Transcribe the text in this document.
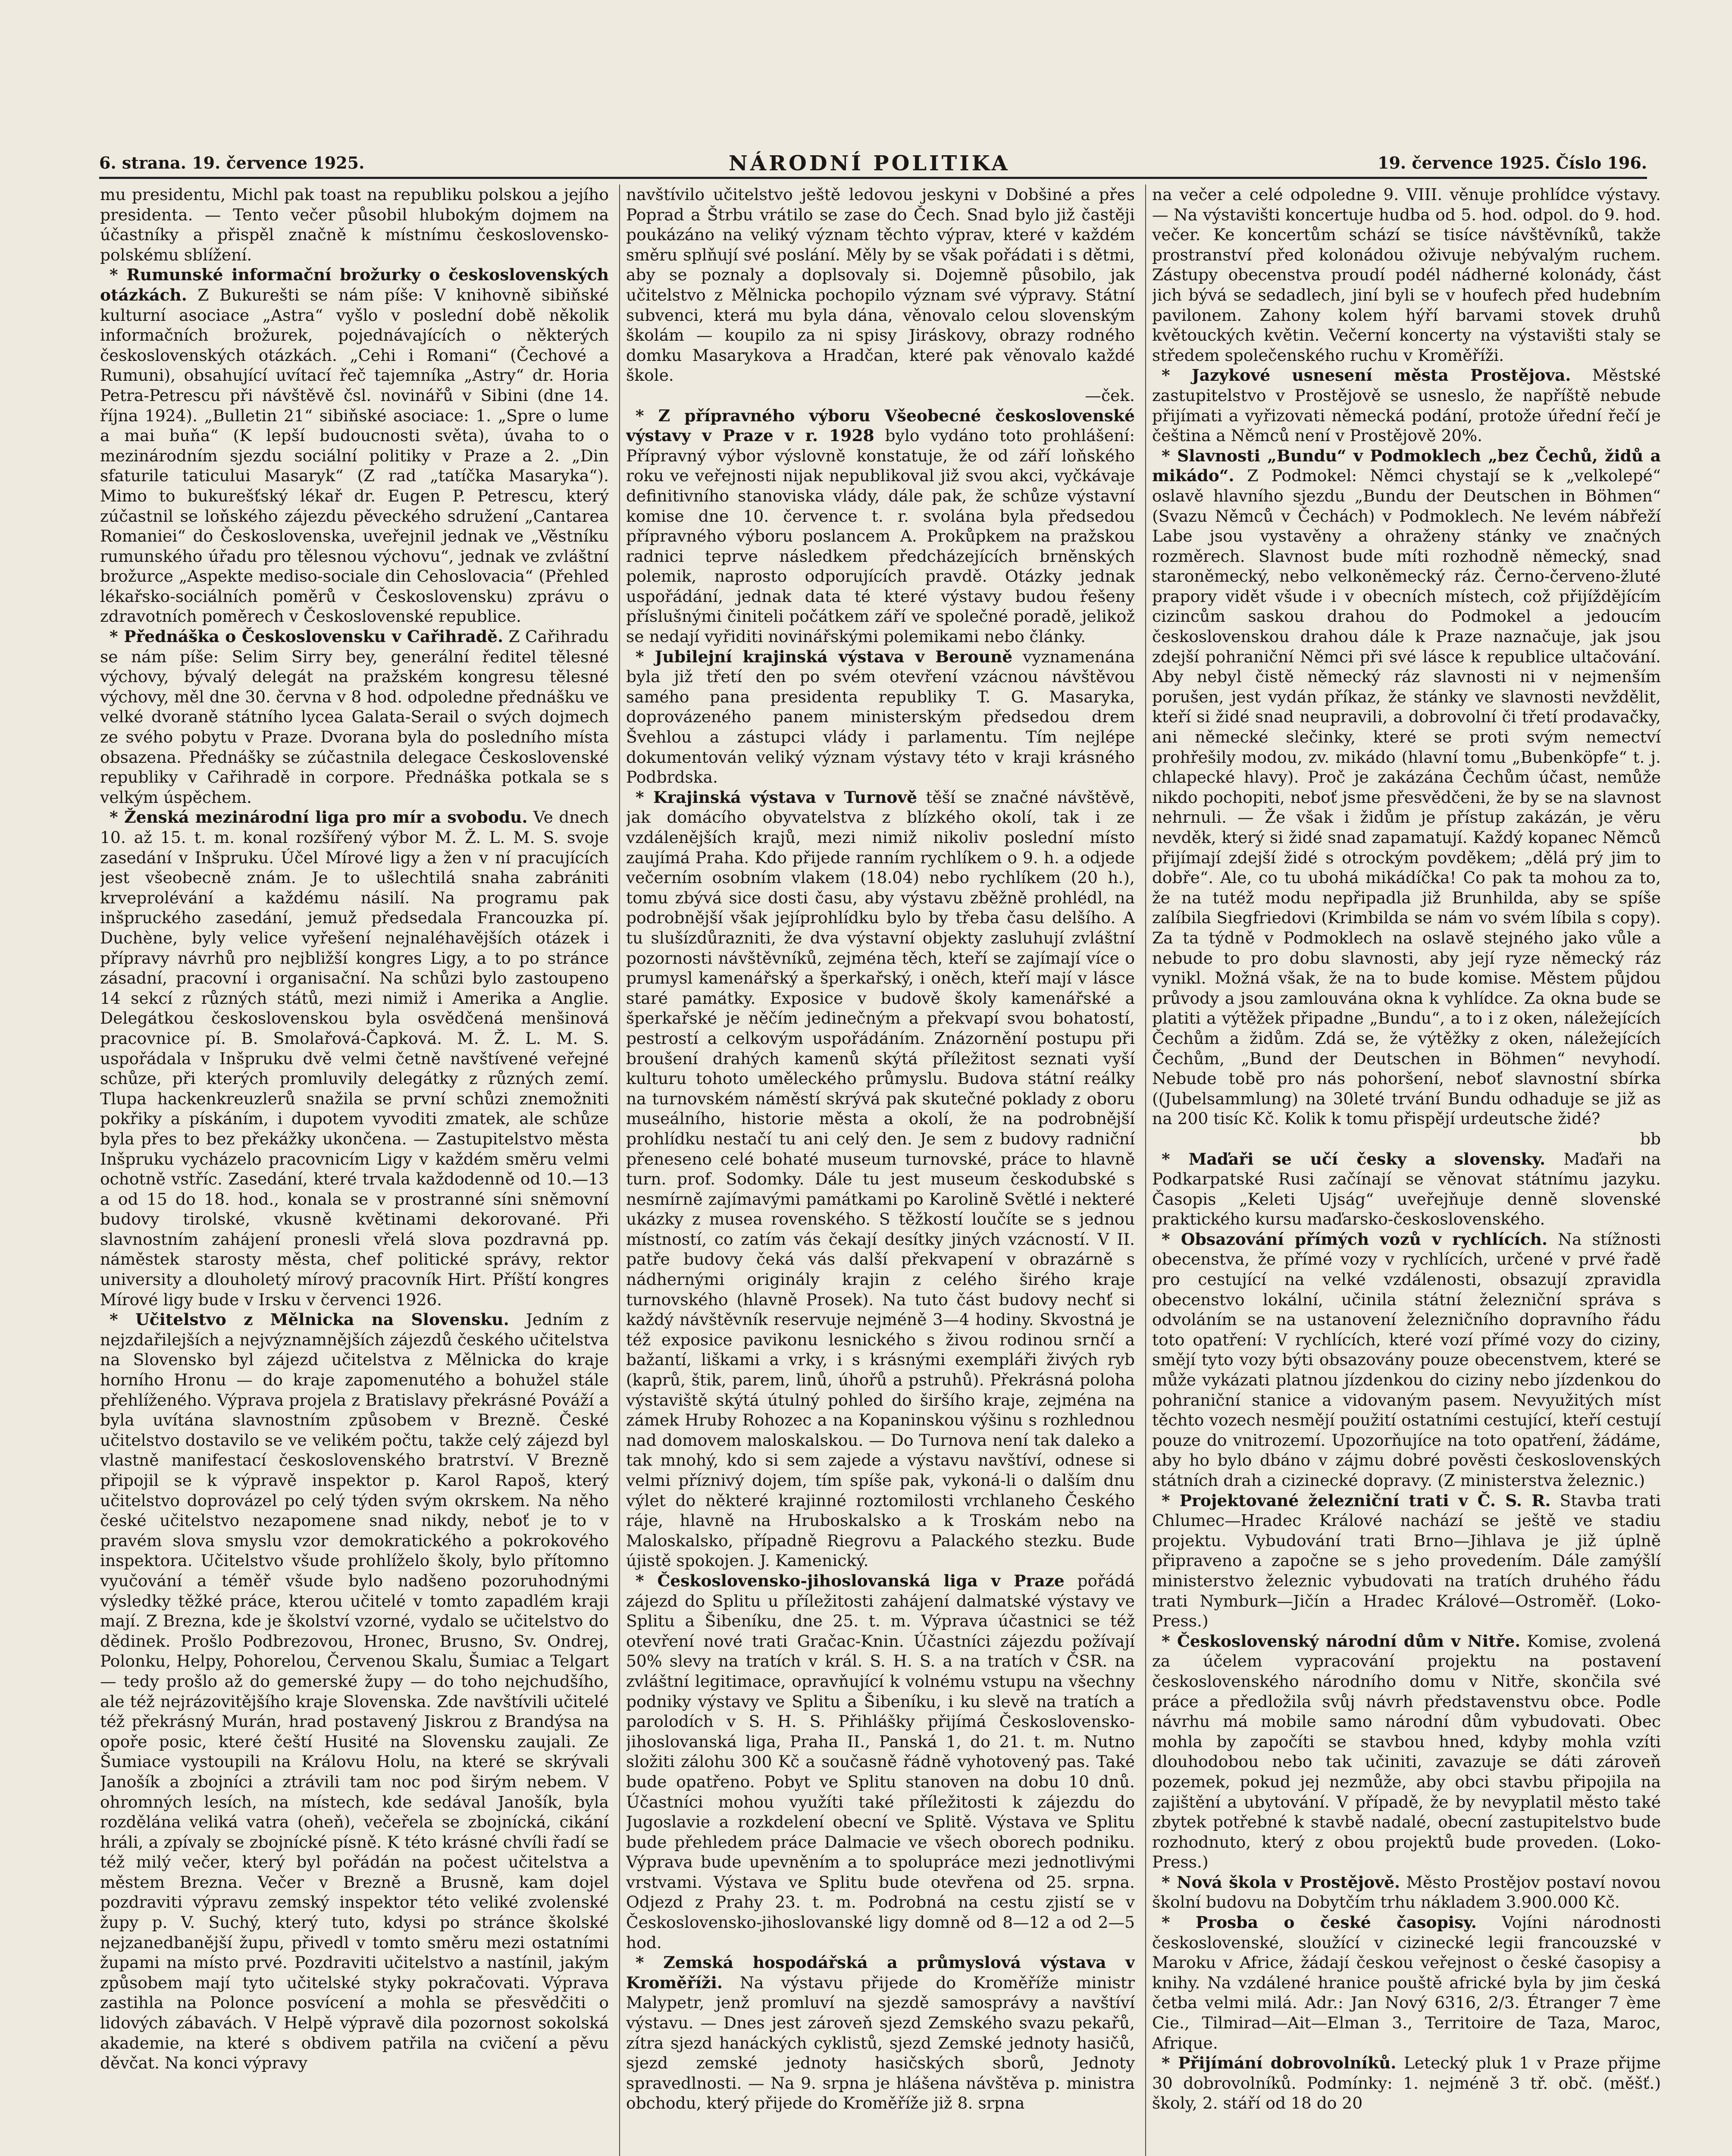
6. strana. 19. července 1925.	NÁRODNÍ POLITIKA	19. července 1925. Číslo 196.

mu presidentu, Michl pak toast na republiku polskou a jejího presidenta. — Tento večer působil hlubokým dojmem na účastníky a přispěl značně k místnímu československo-polskému sblížení.

* Rumunské informační brožurky o československých otázkách. Z Bukurešti se nám píše: V knihovně sibiňské kulturní asociace „Astra“ vyšlo v poslední době několik informačních brožurek, pojednávajících o některých československých otázkách. „Cehi i Romani“ (Čechové a Rumuni), obsahující uvítací řeč tajemníka „Astry“ dr. Horia Petra-Petrescu při návštěvě čsl. novinářů v Sibini (dne 14. října 1924). „Bulletin 21“ sibiňské asociace: 1. „Spre o lume a mai buňa“ (K lepší budoucnosti světa), úvaha to o mezinárodním sjezdu sociální politiky v Praze a 2. „Din sfaturile taticului Masaryk“ (Z rad „tatíčka Masaryka“). Mimo to bukurešťský lékař dr. Eugen P. Petrescu, který zúčastnil se loňského zájezdu pěveckého sdružení „Cantarea Romaniei“ do Československa, uveřejnil jednak ve „Věstníku rumunského úřadu pro tělesnou výchovu“, jednak ve zvláštní brožurce „Aspekte mediso-sociale din Cehoslovacia“ (Přehled lékařsko-sociálních poměrů v Československu) zprávu o zdravotních poměrech v Československé republice.

* Přednáška o Československu v Cařihradě. Z Cařihradu se nám píše: Selim Sirry bey, generální ředitel tělesné výchovy, bývalý delegát na pražském kongresu tělesné výchovy, měl dne 30. června v 8 hod. odpoledne přednášku ve velké dvoraně státního lycea Galata-Serail o svých dojmech ze svého pobytu v Praze. Dvorana byla do posledního místa obsazena. Přednášky se zúčastnila delegace Československé republiky v Cařihradě in corpore. Přednáška potkala se s velkým úspěchem.

* Ženská mezinárodní liga pro mír a svobodu. Ve dnech 10. až 15. t. m. konal rozšířený výbor M. Ž. L. M. S. svoje zasedání v Inšpruku. Účel Mírové ligy a žen v ní pracujících jest všeobecně znám. Je to ušlechtilá snaha zabrániti krveprolévání a každému násilí. Na programu pak inšpruckého zasedání, jemuž předsedala Francouzka pí. Duchène, byly velice vyřešení nejnaléhavějších otázek i přípravy návrhů pro nejbližší kongres Ligy, a to po stránce zásadní, pracovní i organisační. Na schůzi bylo zastoupeno 14 sekcí z různých států, mezi nimiž i Amerika a Anglie. Delegátkou československou byla osvědčená menšinová pracovnice pí. B. Smolařová-Čapková. M. Ž. L. M. S. uspořádala v Inšpruku dvě velmi četně navštívené veřejné schůze, při kterých promluvily delegátky z různých zemí. Tlupa hackenkreuzlerů snažila se první schůzi znemožniti pokřiky a pískáním, i dupotem vyvoditi zmatek, ale schůze byla přes to bez překážky ukončena. — Zastupitelstvo města Inšpruku vycházelo pracovnicím Ligy v každém směru velmi ochotně vstříc. Zasedání, které trvala každodenně od 10.—13 a od 15 do 18. hod., konala se v prostranné síni sněmovní budovy tirolské, vkusně květinami dekorované. Při slavnostním zahájení pronesli vřelá slova pozdravná pp. náměstek starosty města, chef politické správy, rektor university a dlouholetý mírový pracovník Hirt. Příští kongres Mírové ligy bude v Irsku v červenci 1926.

* Učitelstvo z Mělnicka na Slovensku. Jedním z nejzdařilejších a nejvýznamnějších zájezdů českého učitelstva na Slovensko byl zájezd učitelstva z Mělnicka do kraje horního Hronu — do kraje zapomenutého a bohužel stále přehlíženého. Výprava projela z Bratislavy překrásné Pováží a byla uvítána slavnostním způsobem v Brezně. České učitelstvo dostavilo se ve velikém počtu, takže celý zájezd byl vlastně manifestací československého bratrství. V Brezně připojil se k výpravě inspektor p. Karol Rapoš, který učitelstvo doprovázel po celý týden svým okrskem. Na něho české učitelstvo nezapomene snad nikdy, neboť je to v pravém slova smyslu vzor demokratického a pokrokového inspektora. Učitelstvo všude prohlíželo školy, bylo přítomno vyučování a téměř všude bylo nadšeno pozoruhodnými výsledky těžké práce, kterou učitelé v tomto zapadlém kraji mají. Z Brezna, kde je školství vzorné, vydalo se učitelstvo do dědinek. Prošlo Podbrezovou, Hronec, Brusno, Sv. Ondrej, Polonku, Helpy, Pohorelou, Červenou Skalu, Šumiac a Telgart — tedy prošlo až do gemerské župy — do toho nejchudšího, ale též nejrázovitějšího kraje Slovenska. Zde navštívili učitelé též překrásný Murán, hrad postavený Jiskrou z Brandýsa na opoře posic, které čeští Husité na Slovensku zaujali. Ze Šumiace vystoupili na Královu Holu, na které se skrývali Janošík a zbojníci a ztrávili tam noc pod širým nebem. V ohromných lesích, na místech, kde sedával Janošík, byla rozdělána veliká vatra (oheň), večeřela se zbojnícká, cikání hráli, a zpívaly se zbojnícké písně. K této krásné chvíli řadí se též milý večer, který byl pořádán na počest učitelstva a městem Brezna. Večer v Brezně a Brusně, kam dojel pozdraviti výpravu zemský inspektor této veliké zvolenské župy p. V. Suchý, který tuto, kdysi po stránce školské nejzanedbanější župu, přivedl v tomto směru mezi ostatními župami na místo prvé. Pozdraviti učitelstvo a nastínil, jakým způsobem mají tyto učitelské styky pokračovati. Výprava zastihla na Polonce posvícení a mohla se přesvědčiti o lidových zábavách. V Helpě výpravě dila pozornost sokolská akademie, na které s obdivem patřila na cvičení a pěvu děvčat. Na konci výpravy

navštívilo učitelstvo ještě ledovou jeskyni v Dobšiné a přes Poprad a Štrbu vrátilo se zase do Čech. Snad bylo již častěji poukázáno na veliký význam těchto výprav, které v každém směru splňují své poslání. Měly by se však pořádati i s dětmi, aby se poznaly a doplsovaly si. Dojemně působilo, jak učitelstvo z Mělnicka pochopilo význam své výpravy. Státní subvenci, která mu byla dána, věnovalo celou slovenským školám — koupilo za ni spisy Jiráskovy, obrazy rodného domku Masarykova a Hradčan, které pak věnovalo každé škole.

—ček.

* Z přípravného výboru Všeobecné československé výstavy v Praze v r. 1928 bylo vydáno toto prohlášení: Přípravný výbor výslovně konstatuje, že od září loňského roku ve veřejnosti nijak nepublikoval již svou akci, vyčkávaje definitivního stanoviska vlády, dále pak, že schůze výstavní komise dne 10. července t. r. svolána byla předsedou přípravného výboru poslancem A. Prokůpkem na pražskou radnici teprve následkem předcházejících brněnských polemik, naprosto odporujících pravdě. Otázky jednak uspořádání, jednak data té které výstavy budou řešeny příslušnými činiteli počátkem září ve společné poradě, jelikož se nedají vyřiditi novinářskými polemikami nebo články.

* Jubilejní krajinská výstava v Berouně vyznamenána byla již třetí den po svém otevření vzácnou návštěvou samého pana presidenta republiky T. G. Masaryka, doprovázeného panem ministerským předsedou drem Švehlou a zástupci vlády i parlamentu. Tím nejlépe dokumentován veliký význam výstavy této v kraji krásného Podbrdska.

* Krajinská výstava v Turnově těší se značné návštěvě, jak domácího obyvatelstva z blízkého okolí, tak i ze vzdálenějších krajů, mezi nimiž nikoliv poslední místo zaujímá Praha. Kdo přijede ranním rychlíkem o 9. h. a odjede večerním osobním vlakem (18.04) nebo rychlíkem (20 h.), tomu zbývá sice dosti času, aby výstavu zběžně prohlédl, na podrobnější však jejíprohlídku bylo by třeba času delšího. A tu slušízdůrazniti, že dva výstavní objekty zasluhují zvláštní pozornosti návštěvníků, zejména těch, kteří se zajímají více o prumysl kamenářský a šperkařský, i oněch, kteří mají v lásce staré památky. Exposice v budově školy kamenářské a šperkařské je něčím jedinečným a překvapí svou bohatostí, pestrostí a celkovým uspořádáním. Znázornění postupu při broušení drahých kamenů skýtá příležitost seznati vyší kulturu tohoto uměleckého průmyslu. Budova státní reálky na turnovském náměstí skrývá pak skutečné poklady z oboru museálního, historie města a okolí, že na podrobnější prohlídku nestačí tu ani celý den. Je sem z budovy radniční přeneseno celé bohaté museum turnovské, práce to hlavně turn. prof. Sodomky. Dále tu jest museum českodubské s nesmírně zajímavými památkami po Karolině Světlé i nekteré ukázky z musea rovenského. S těžkostí loučíte se s jednou místností, co zatím vás čekají desítky jiných vzácností. V II. patře budovy čeká vás další překvapení v obrazárně s nádhernými originály krajin z celého širého kraje turnovského (hlavně Prosek). Na tuto část budovy nechť si každý návštěvník reservuje nejméně 3—4 hodiny. Skvostná je též exposice pavikonu lesnického s živou rodinou srnčí a bažantí, liškami a vrky, i s krásnými exempláři živých ryb (kaprů, štik, parem, linů, úhořů a pstruhů). Překrásná poloha výstaviště skýtá útulný pohled do širšího kraje, zejména na zámek Hruby Rohozec a na Kopaninskou výšinu s rozhlednou nad domovem maloskalskou. — Do Turnova není tak daleko a tak mnohý, kdo si sem zajede a výstavu navštíví, odnese si velmi příznivý dojem, tím spíše pak, vykoná-li o dalším dnu výlet do některé krajinné roztomilosti vrchlaneho Českého ráje, hlavně na Hruboskalsko a k Troskám nebo na Maloskalsko, případně Riegrovu a Palackého stezku. Bude újistě spokojen. J. Kamenický.

* Československo-jihoslovanská liga v Praze pořádá zájezd do Splitu u příležitosti zahájení dalmatské výstavy ve Splitu a Šibeníku, dne 25. t. m. Výprava účastnici se též otevření nové trati Gračac-Knin. Účastníci zájezdu požívají 50% slevy na tratích v král. S. H. S. a na tratích v ČSR. na zvláštní legitimace, opravňující k volnému vstupu na všechny podniky výstavy ve Splitu a Šibeníku, i ku slevě na tratích a parolodích v S. H. S. Přihlášky přijímá Československo-jihoslovanská liga, Praha II., Panská 1, do 21. t. m. Nutno složiti zálohu 300 Kč a současně řádně vyhotovený pas. Také bude opatřeno. Pobyt ve Splitu stanoven na dobu 10 dnů. Účastníci mohou využíti také příležitosti k zájezdu do Jugoslavie a rozkdelení obecní ve Splitě. Výstava ve Splitu bude přehledem práce Dalmacie ve všech oborech podniku. Výprava bude upevněním a to spolupráce mezi jednotlivými vrstvami. Výstava ve Splitu bude otevřena od 25. srpna. Odjezd z Prahy 23. t. m. Podrobná na cestu zjistí se v Československo-jihoslovanské ligy domně od 8—12 a od 2—5 hod.

* Zemská hospodářská a průmyslová výstava v Kroměříži. Na výstavu přijede do Kroměříže ministr Malypetr, jenž promluví na sjezdě samosprávy a navštíví výstavu. — Dnes jest zároveň sjezd Zemského svazu pekařů, zítra sjezd hanáckých cyklistů, sjezd Zemské jednoty hasičů, sjezd zemské jednoty hasičských sborů, Jednoty spravedlnosti. — Na 9. srpna je hlášena návštěva p. ministra obchodu, který přijede do Kroměříže již 8. srpna

na večer a celé odpoledne 9. VIII. věnuje prohlídce výstavy. — Na výstavišti koncertuje hudba od 5. hod. odpol. do 9. hod. večer. Ke koncertům schází se tisíce návštěvníků, takže prostranství před kolonádou oživuje nebývalým ruchem. Zástupy obecenstva proudí podél nádherné kolonády, část jich bývá se sedadlech, jiní byli se v houfech před hudebním pavilonem. Zahony kolem hýří barvami stovek druhů květouckých květin. Večerní koncerty na výstavišti staly se středem společenského ruchu v Kroměříži.

* Jazykové usnesení města Prostějova. Městské zastupitelstvo v Prostějově se usneslo, že napříště nebude přijímati a vyřizovati německá podání, protože úřední řečí je čeština a Němců není v Prostějově 20%.

* Slavnosti „Bundu“ v Podmoklech „bez Čechů, židů a mikádo“. Z Podmokel: Němci chystají se k „velkolepé“ oslavě hlavního sjezdu „Bundu der Deutschen in Böhmen“ (Svazu Němců v Čechách) v Podmoklech. Ne levém nábřeží Labe jsou vystavěny a ohraženy stánky ve značných rozměrech. Slavnost bude míti rozhodně německý, snad staroněmecký, nebo velkoněmecký ráz. Černo-červeno-žluté prapory vidět všude i v obecních místech, což přijíždějícím cizincům saskou drahou do Podmokel a jedoucím československou drahou dále k Praze naznačuje, jak jsou zdejší pohraniční Němci při své lásce k republice ultačování. Aby nebyl čistě německý ráz slavnosti ni v nejmenším porušen, jest vydán příkaz, že stánky ve slavnosti nevždělit, kteří si židé snad neupravili, a dobrovolní či třetí prodavačky, ani německé slečinky, které se proti svým nemectví prohřešily modou, zv. mikádo (hlavní tomu „Bubenköpfe“ t. j. chlapecké hlavy). Proč je zakázána Čechům účast, nemůže nikdo pochopiti, neboť jsme přesvědčeni, že by se na slavnost nehrnuli. — Že však i židům je přístup zakázán, je věru nevděk, který si židé snad zapamatují. Každý kopanec Němců přijímají zdejší židé s otrockým povděkem; „dělá prý jim to dobře“. Ale, co tu ubohá mikádíčka! Co pak ta mohou za to, že na tutéž modu nepřipadla již Brunhilda, aby se spíše zalíbila Siegfriedovi (Krimbilda se nám vo svém líbila s copy). Za ta týdně v Podmoklech na oslavě stejného jako vůle a nebude to pro dobu slavnosti, aby její ryze německý ráz vynikl. Možná však, že na to bude komise. Městem půjdou průvody a jsou zamlouvána okna k vyhlídce. Za okna bude se platiti a výtěžek připadne „Bundu“, a to i z oken, náležejících Čechům a židům. Zdá se, že výtěžky z oken, náležejících Čechům, „Bund der Deutschen in Böhmen“ nevyhodí. Nebude tobě pro nás pohoršení, neboť slavnostní sbírka ((Jubelsammlung) na 30leté trvání Bundu odhaduje se již as na 200 tisíc Kč. Kolik k tomu přispějí urdeutsche židé?

bb

* Maďaři se učí česky a slovensky. Maďaři na Podkarpatské Rusi začínají se věnovat státnímu jazyku. Časopis „Keleti Ujság“ uveřejňuje denně slovenské praktického kursu maďarsko-československého.

* Obsazování přímých vozů v rychlících. Na stížnosti obecenstva, že přímé vozy v rychlících, určené v prvé řadě pro cestující na velké vzdálenosti, obsazují zpravidla obecenstvo lokální, učinila státní železniční správa s odvoláním se na ustanovení železničního dopravního řádu toto opatření: V rychlících, které vozí přímé vozy do ciziny, smějí tyto vozy býti obsazovány pouze obecenstvem, které se může vykázati platnou jízdenkou do ciziny nebo jízdenkou do pohraniční stanice a vidovaným pasem. Nevyužitých míst těchto vozech nesmějí použití ostatními cestující, kteří cestují pouze do vnitrozemí. Upozorňujíce na toto opatření, žádáme, aby ho bylo dbáno v zájmu dobré pověsti československých státních drah a cizinecké dopravy. (Z ministerstva železnic.)

* Projektované železniční trati v Č. S. R. Stavba trati Chlumec—Hradec Králové nachází se ještě ve stadiu projektu. Vybudování trati Brno—Jihlava je již úplně připraveno a započne se s jeho provedením. Dále zamýšlí ministerstvo železnic vybudovati na tratích druhého řádu trati Nymburk—Jičín a Hradec Králové—Ostroměř. (Loko-Press.)

* Československý národní dům v Nitře. Komise, zvolená za účelem vypracování projektu na postavení československého národního domu v Nitře, skončila své práce a předložila svůj návrh představenstvu obce. Podle návrhu má mobile samo národní dům vybudovati. Obec mohla by započíti se stavbou hned, kdyby mohla vzíti dlouhodobou nebo tak učiniti, zavazuje se dáti zároveň pozemek, pokud jej nezmůže, aby obci stavbu připojila na zajištění a ubytování. V případě, že by nevyplatil město také zbytek potřebné k stavbě nadalé, obecní zastupitelstvo bude rozhodnuto, který z obou projektů bude proveden. (Loko-Press.)

* Nová škola v Prostějově. Město Prostějov postaví novou školní budovu na Dobytčím trhu nákladem 3.900.000 Kč.

* Prosba o české časopisy. Vojíni národnosti československé, sloužící v cizinecké legii francouzské v Maroku v Africe, žádají českou veřejnost o české časopisy a knihy. Na vzdálené hranice pouště africké byla by jim česká četba velmi milá. Adr.: Jan Nový 6316, 2/3. Étranger 7 ème Cie., Tilmirad—Ait—Elman 3., Territoire de Taza, Maroc, Afrique.

* Přijímání dobrovolníků. Letecký pluk 1 v Praze přijme 30 dobrovolníků. Podmínky: 1. nejméně 3 tř. obč. (měšť.) školy, 2. stáří od 18 do 20
